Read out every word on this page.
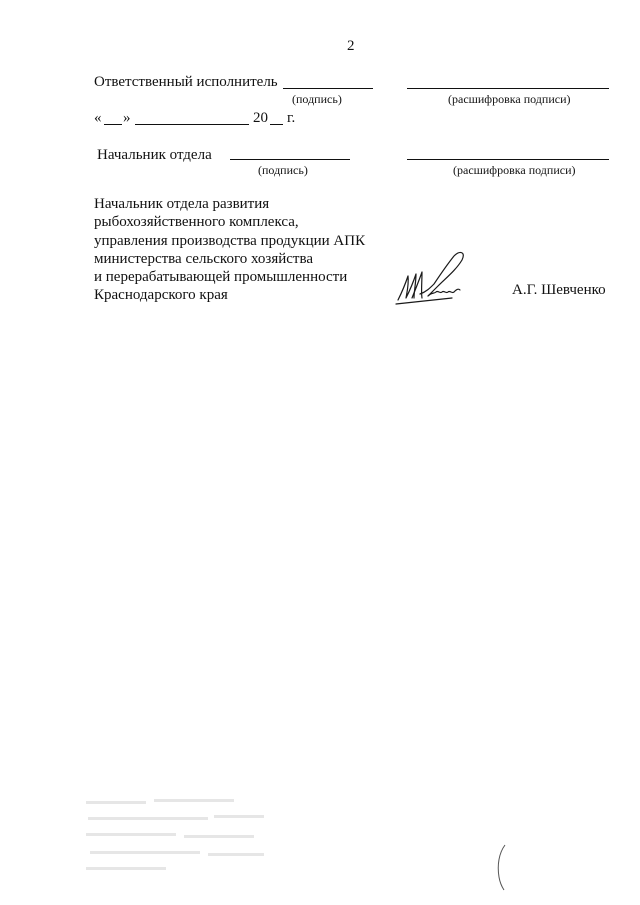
2
Ответственный исполнитель
(подпись)	(расшифровка подписи)
« »	20 г.
Начальник отдела
(подпись)	(расшифровка подписи)
Начальник отдела развития
рыбохозяйственного комплекса,
управления производства продукции АПК
министерства сельского хозяйства
и перерабатывающей промышленности
Краснодарского края	А.Г. Шевченко
